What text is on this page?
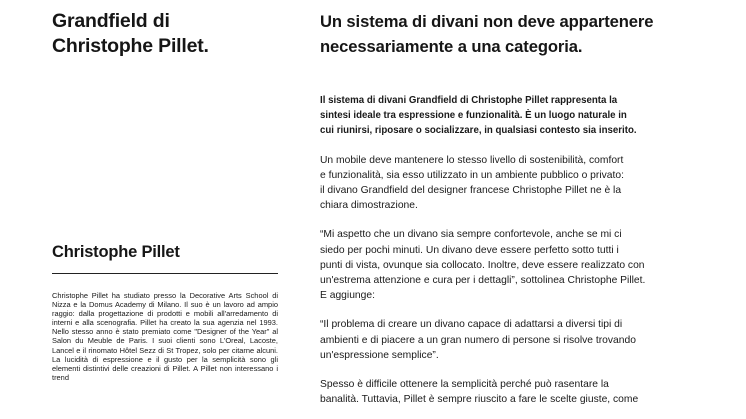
Grandfield di
Christophe Pillet.
Christophe Pillet

Christophe Pillet ha studiato presso la Decorative Arts School di Nizza e la Domus Academy di Milano. Il suo è un lavoro ad ampio raggio: dalla progettazione di prodotti e mobili all'arredamento di interni e alla scenografia. Pillet ha creato la sua agenzia nel 1993. Nello stesso anno è stato premiato come "Designer of the Year" al Salon du Meuble de Paris. I suoi clienti sono L'Oreal, Lacoste, Lancel e il rinomato Hôtel Sezz di St Tropez, solo per citarne alcuni. La lucidità di espressione e il gusto per la semplicità sono gli elementi distintivi delle creazioni di Pillet. A Pillet non interessano i trend

Un sistema di divani non deve appartenere necessariamente a una categoria.

Il sistema di divani Grandfield di Christophe Pillet rappresenta la
sintesi ideale tra espressione e funzionalità. È un luogo naturale in
cui riunirsi, riposare o socializzare, in qualsiasi contesto sia inserito.

Un mobile deve mantenere lo stesso livello di sostenibilità, comfort
e funzionalità, sia esso utilizzato in un ambiente pubblico o privato:
il divano Grandfield del designer francese Christophe Pillet ne è la
chiara dimostrazione.

“Mi aspetto che un divano sia sempre confortevole, anche se mi ci
siedo per pochi minuti. Un divano deve essere perfetto sotto tutti i
punti di vista, ovunque sia collocato. Inoltre, deve essere realizzato con
un'estrema attenzione e cura per i dettagli”, sottolinea Christophe Pillet.
E aggiunge:

“Il problema di creare un divano capace di adattarsi a diversi tipi di
ambienti e di piacere a un gran numero di persone si risolve trovando
un'espressione semplice”.

Spesso è difficile ottenere la semplicità perché può rasentare la
banalità. Tuttavia, Pillet è sempre riuscito a fare le scelte giuste, come
